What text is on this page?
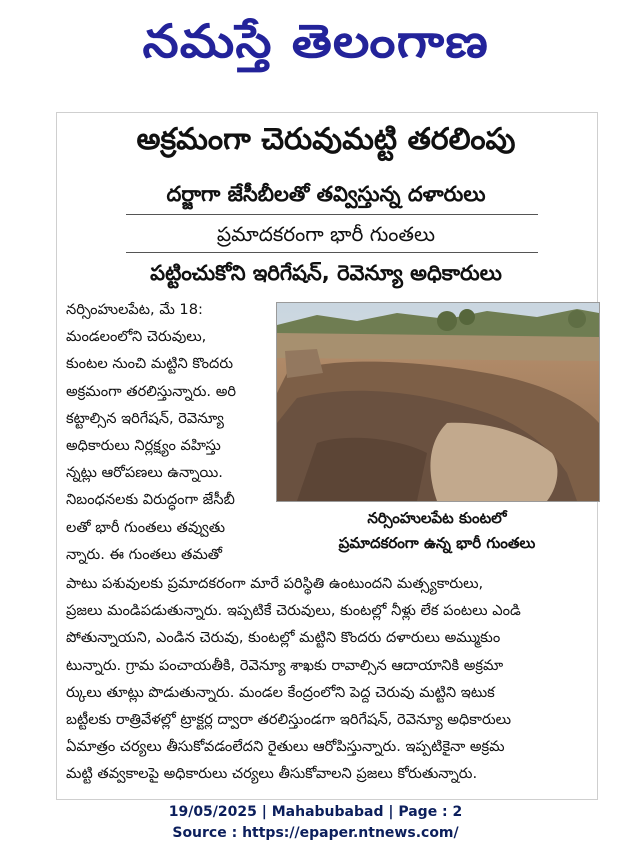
నమస్తే తెలంగాణ
అక్రమంగా చెరువుమట్టి తరలింపు
దర్జాగా జేసీబీలతో తవ్విస్తున్న దళారులు
ప్రమాదకరంగా భారీ గుంతలు
పట్టించుకోని ఇరిగేషన్, రెవెన్యూ అధికారులు
నర్సింహులపేట, మే 18:
మండలంలోని చెరువులు,
కుంటల నుంచి మట్టిని కొందరు
అక్రమంగా తరలిస్తున్నారు. అరి
కట్టాల్సిన ఇరిగేషన్, రెవెన్యూ
అధికారులు నిర్లక్ష్యం వహిస్తు
న్నట్లు ఆరోపణలు ఉన్నాయి.
నిబంధనలకు విరుద్ధంగా జేసీబీ
లతో భారీ గుంతలు తవ్వుతు
న్నారు. ఈ గుంతలు తమతో
నర్సింహులపేట కుంటలో
ప్రమాదకరంగా ఉన్న భారీ గుంతలు
పాటు పశువులకు ప్రమాదకరంగా మారే పరిస్థితి ఉంటుందని మత్స్యకారులు,
ప్రజలు మండిపడుతున్నారు. ఇప్పటికే చెరువులు, కుంటల్లో నీళ్లు లేక పంటలు ఎండి
పోతున్నాయని, ఎండిన చెరువు, కుంటల్లో మట్టిని కొందరు దళారులు అమ్ముకుం
టున్నారు. గ్రామ పంచాయతీకి, రెవెన్యూ శాఖకు రావాల్సిన ఆదాయానికి అక్రమా
ర్కులు తూట్లు పొడుతున్నారు. మండల కేంద్రంలోని పెద్ద చెరువు మట్టిని ఇటుక
బట్టీలకు రాత్రివేళల్లో ట్రాక్టర్ల ద్వారా తరలిస్తుండగా ఇరిగేషన్, రెవెన్యూ అధికారులు
ఏమాత్రం చర్యలు తీసుకోవడంలేదని రైతులు ఆరోపిస్తున్నారు. ఇప్పటికైనా అక్రమ
మట్టి తవ్వకాలపై అధికారులు చర్యలు తీసుకోవాలని ప్రజలు కోరుతున్నారు.
19/05/2025 | Mahabubabad | Page : 2
Source : https://epaper.ntnews.com/
